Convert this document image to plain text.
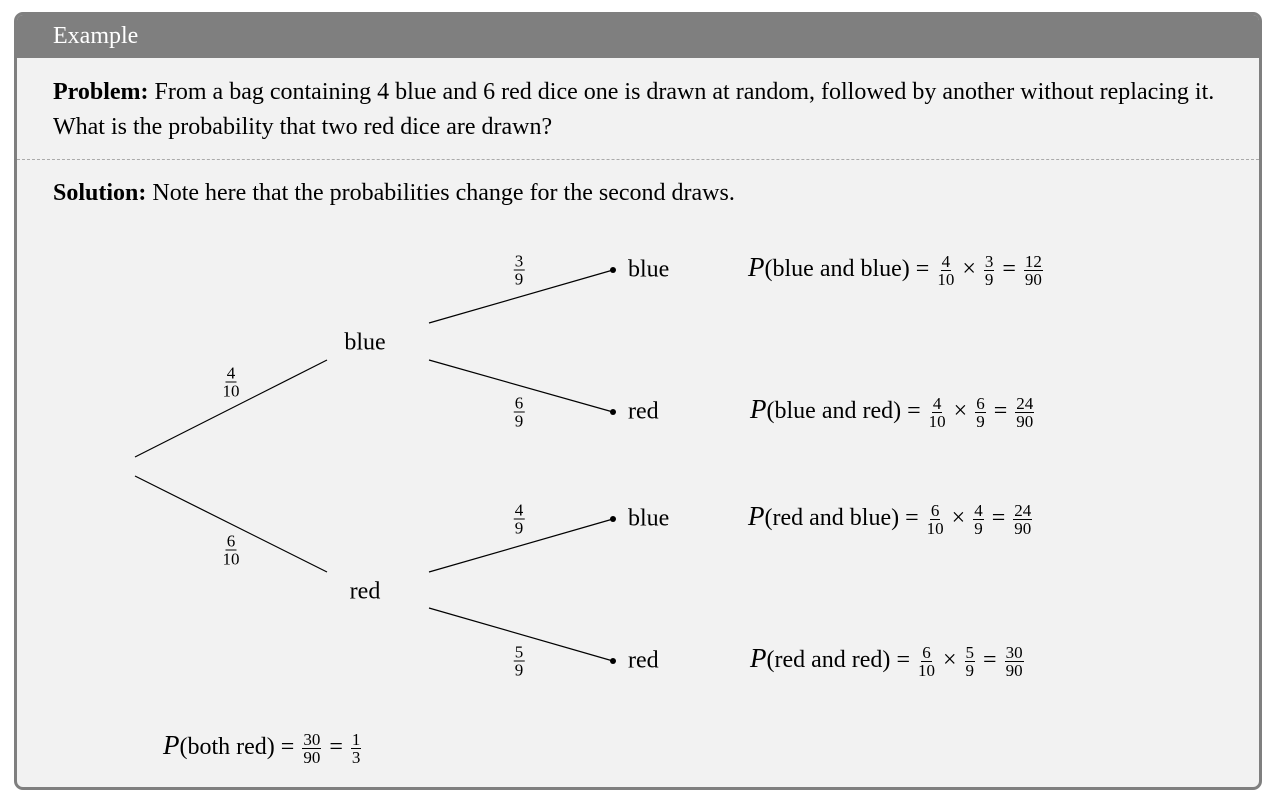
Example
Problem: From a bag containing 4 blue and 6 red dice one is drawn at random, followed by another without replacing it. What is the probability that two red dice are drawn?
Solution: Note here that the probabilities change for the second draws.
blue
$\frac{4}{10}$
red
$\frac{6}{10}$
blue
$\frac{3}{9}$	P(blue and blue) = $\frac{4}{10} \times \frac{3}{9} = \frac{12}{90}$
red
$\frac{6}{9}$	P(blue and $red) = \frac{4}{10} \times \frac{6}{9} = \frac{24}{90}$
blue
$\frac{4}{9}$	P(red and blue) = $\frac{6}{10} \times \frac{4}{9} = \frac{24}{90}$
red
$\frac{5}{9}$	P(red and $red) = \frac{6}{10} \times \frac{5}{9} = \frac{30}{90}$
P(both $red) = \frac{30}{90} = \frac{1}{3}$
